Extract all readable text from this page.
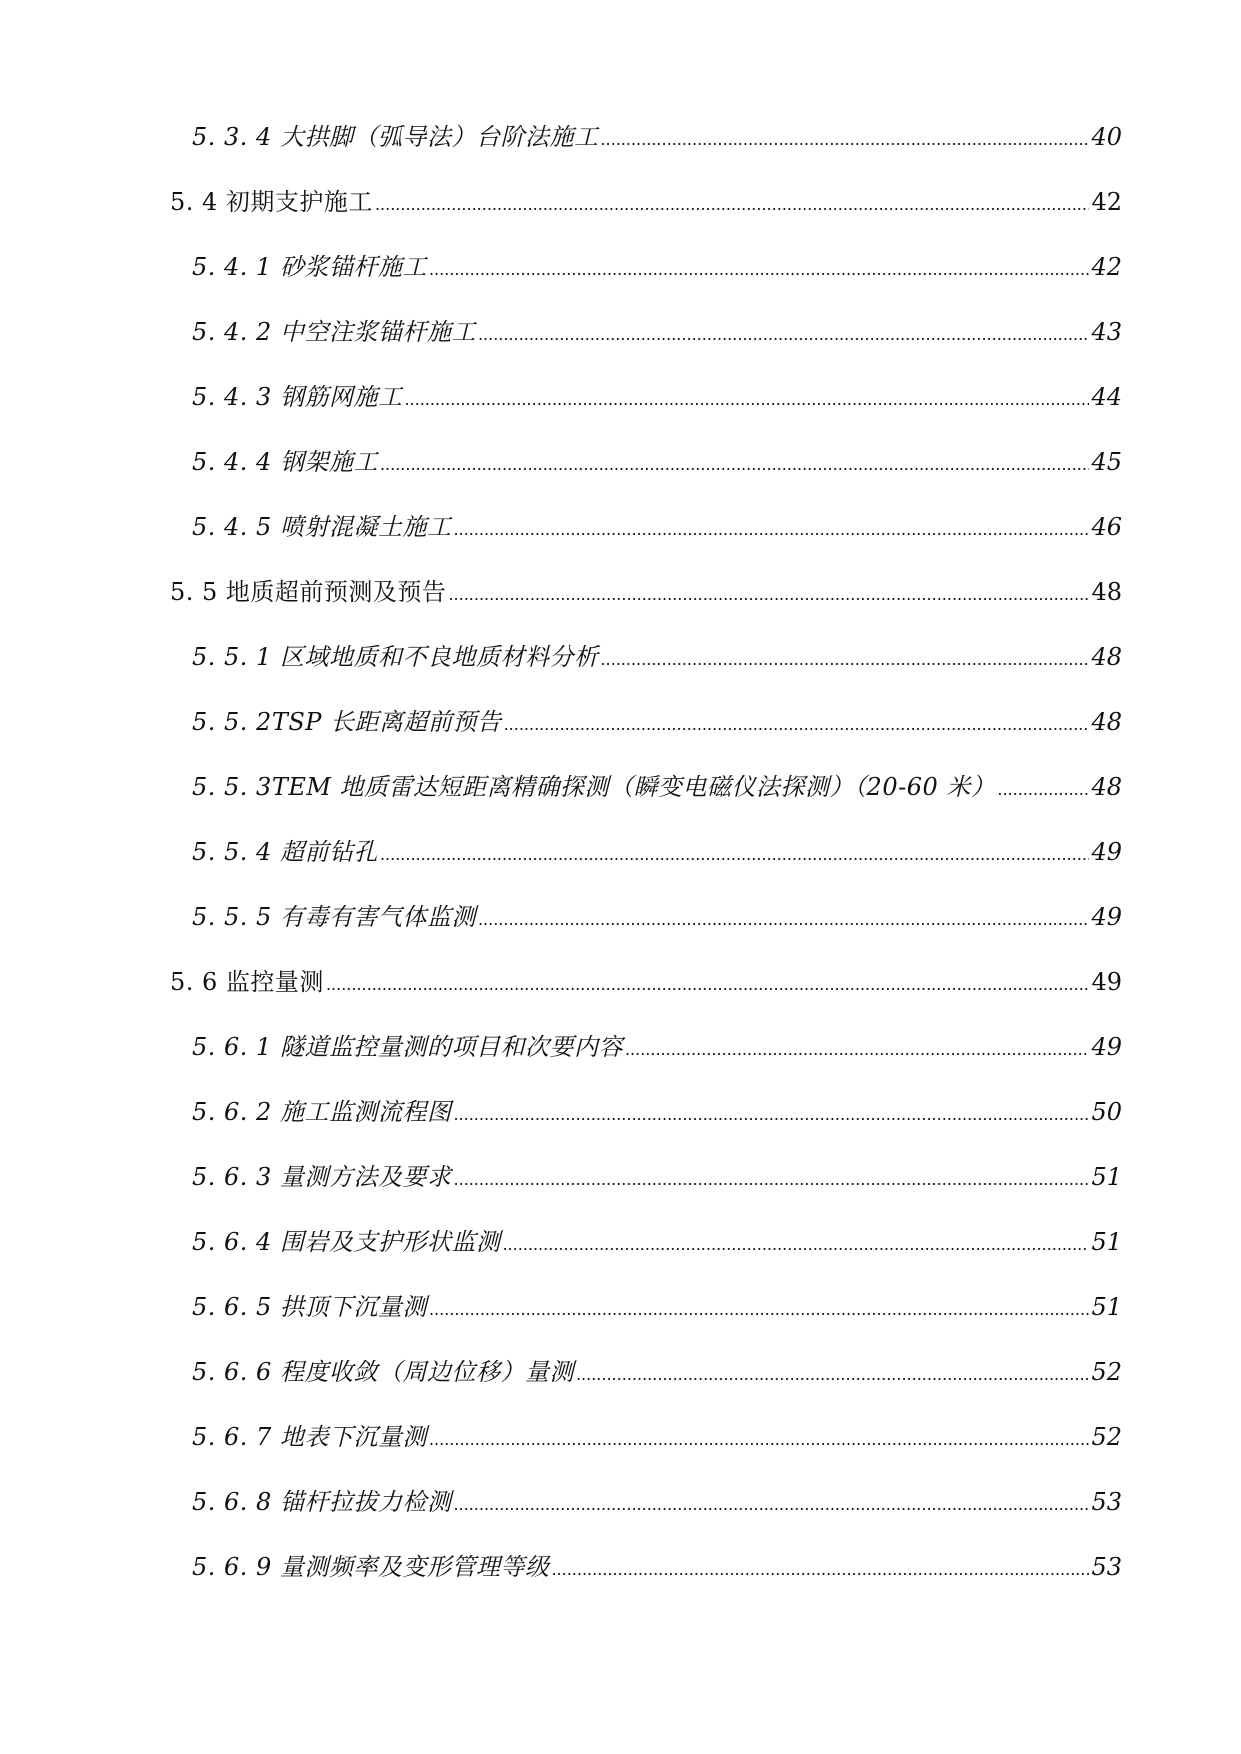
5. 3. 4 大拱脚（弧导法）台阶法施工 .....	40
5. 4 初期支护施工 .....	42
5. 4. 1 砂浆锚杆施工 .....	42
5. 4. 2 中空注浆锚杆施工 .....	43
5. 4. 3 钢筋网施工 .....	44
5. 4. 4 钢架施工 .....	45
5. 4. 5 喷射混凝土施工 .....	46
5. 5 地质超前预测及预告 .....	48
5. 5. 1 区域地质和不良地质材料分析 .....	48
5. 5. 2TSP 长距离超前预告 .....	48
5. 5. 3TEM 地质雷达短距离精确探测（瞬变电磁仪法探测）（20-60 米） .....	48
5. 5. 4 超前钻孔 .....	49
5. 5. 5 有毒有害气体监测 .....	49
5. 6 监控量测 .....	49
5. 6. 1 隧道监控量测的项目和次要内容 .....	49
5. 6. 2 施工监测流程图 .....	50
5. 6. 3 量测方法及要求 .....	51
5. 6. 4 围岩及支护形状监测 .....	51
5. 6. 5 拱顶下沉量测 .....	51
5. 6. 6 程度收敛（周边位移）量测 .....	52
5. 6. 7 地表下沉量测 .....	52
5. 6. 8 锚杆拉拔力检测 .....	53
5. 6. 9 量测频率及变形管理等级 .....	53
